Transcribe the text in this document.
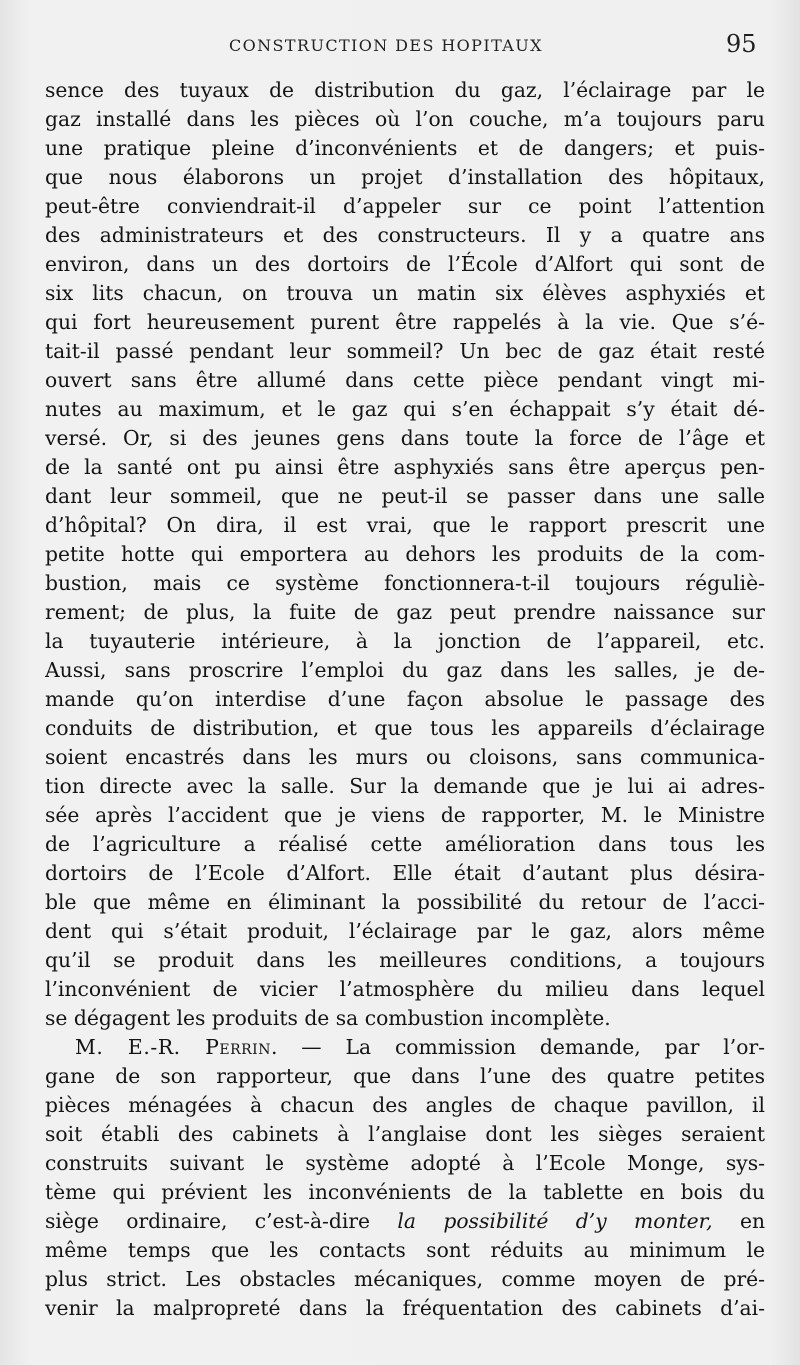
CONSTRUCTION DES HOPITAUX	95
sence des tuyaux de distribution du gaz, l’éclairage par le
gaz installé dans les pièces où l’on couche, m’a toujours paru
une pratique pleine d’inconvénients et de dangers; et puis-
que nous élaborons un projet d’installation des hôpitaux,
peut-être conviendrait-il d’appeler sur ce point l’attention
des administrateurs et des constructeurs. Il y a quatre ans
environ, dans un des dortoirs de l’École d’Alfort qui sont de
six lits chacun, on trouva un matin six élèves asphyxiés et
qui fort heureusement purent être rappelés à la vie. Que s’é-
tait-il passé pendant leur sommeil? Un bec de gaz était resté
ouvert sans être allumé dans cette pièce pendant vingt mi-
nutes au maximum, et le gaz qui s’en échappait s’y était dé-
versé. Or, si des jeunes gens dans toute la force de l’âge et
de la santé ont pu ainsi être asphyxiés sans être aperçus pen-
dant leur sommeil, que ne peut-il se passer dans une salle
d’hôpital? On dira, il est vrai, que le rapport prescrit une
petite hotte qui emportera au dehors les produits de la com-
bustion, mais ce système fonctionnera-t-il toujours réguliè-
rement; de plus, la fuite de gaz peut prendre naissance sur
la tuyauterie intérieure, à la jonction de l’appareil, etc.
Aussi, sans proscrire l’emploi du gaz dans les salles, je de-
mande qu’on interdise d’une façon absolue le passage des
conduits de distribution, et que tous les appareils d’éclairage
soient encastrés dans les murs ou cloisons, sans communica-
tion directe avec la salle. Sur la demande que je lui ai adres-
sée après l’accident que je viens de rapporter, M. le Ministre
de l’agriculture a réalisé cette amélioration dans tous les
dortoirs de l’Ecole d’Alfort. Elle était d’autant plus désira-
ble que même en éliminant la possibilité du retour de l’acci-
dent qui s’était produit, l’éclairage par le gaz, alors même
qu’il se produit dans les meilleures conditions, a toujours
l’inconvénient de vicier l’atmosphère du milieu dans lequel
se dégagent les produits de sa combustion incomplète.
M. E.-R. Perrin. — La commission demande, par l’or-
gane de son rapporteur, que dans l’une des quatre petites
pièces ménagées à chacun des angles de chaque pavillon, il
soit établi des cabinets à l’anglaise dont les sièges seraient
construits suivant le système adopté à l’Ecole Monge, sys-
tème qui prévient les inconvénients de la tablette en bois du
siège ordinaire, c’est-à-dire la possibilité d’y monter, en
même temps que les contacts sont réduits au minimum le
plus strict. Les obstacles mécaniques, comme moyen de pré-
venir la malpropreté dans la fréquentation des cabinets d’ai-
